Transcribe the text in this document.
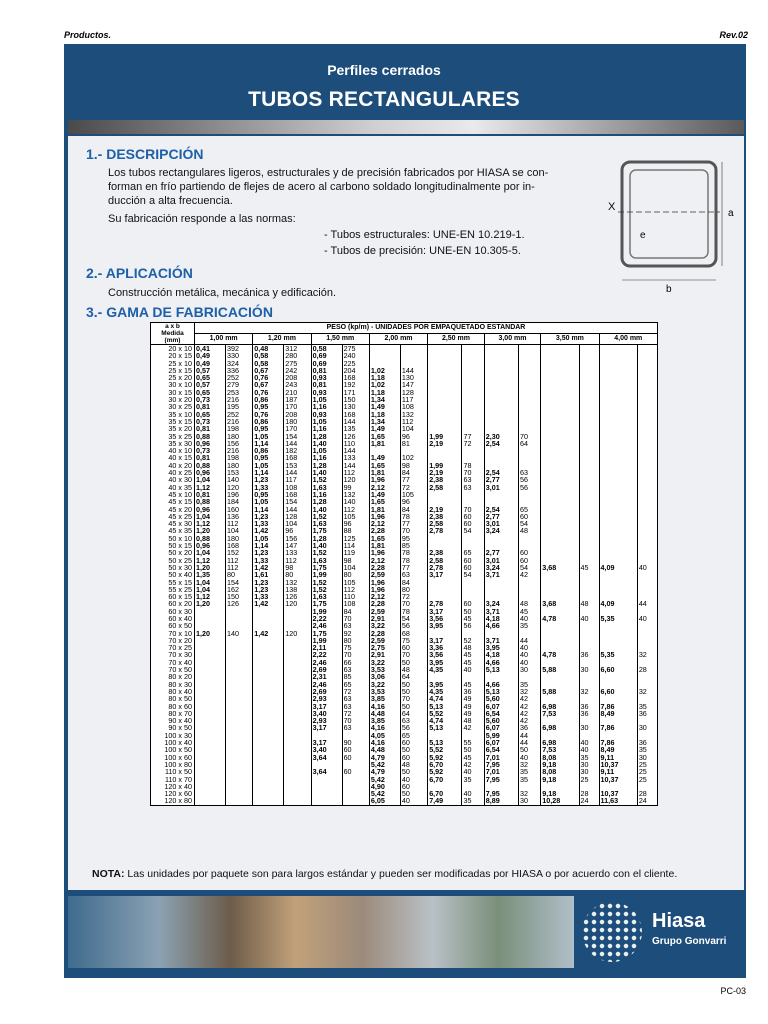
Productos.	Rev.02
Perfiles cerrados
TUBOS RECTANGULARES
1.- DESCRIPCIÓN
Los tubos rectangulares ligeros, estructurales y de precisión fabricados por HIASA se con-
forman en frío partiendo de flejes de acero al carbono soldado longitudinalmente por in-
ducción a alta frecuencia.
Su fabricación responde a las normas:
- Tubos estructurales: UNE-EN 10.219-1.
- Tubos de precisión: UNE-EN 10.305-5.
X
a
e
b
2.- APLICACIÓN
Construcción metálica, mecánica y edificación.
3.- GAMA DE FABRICACIÓN
a x b
Medida
(mm)	PESO (kp/m) - UNIDADES POR EMPAQUETADO ESTANDAR															
	1,00 mm		1,20 mm		1,50 mm		2,00 mm		2,50 mm		3,00 mm		3,50 mm		4,00 mm	
20 x 10	0,41	392	0,48	312	0,58	275										
20 x 15	0,49	330	0,58	280	0,69	240										
25 x 10	0,49	324	0,58	275	0,69	225										
25 x 15	0,57	336	0,67	242	0,81	204	1,02	144								
25 x 20	0,65	252	0,76	208	0,93	168	1,18	130								
30 x 10	0,57	279	0,67	243	0,81	192	1,02	147								
30 x 15	0,65	253	0,76	210	0,93	171	1,18	128								
30 x 20	0,73	216	0,86	187	1,05	150	1,34	117								
30 x 25	0,81	195	0,95	170	1,16	130	1,49	108								
35 x 10	0,65	252	0,76	208	0,93	168	1,18	132								
35 x 15	0,73	216	0,86	180	1,05	144	1,34	112								
35 x 20	0,81	198	0,95	170	1,16	135	1,49	104								
35 x 25	0,88	180	1,05	154	1,28	126	1,65	96	1,99	77	2,30	70				
35 x 30	0,96	156	1,14	144	1,40	110	1,81	81	2,19	72	2,54	64				
40 x 10	0,73	216	0,86	182	1,05	144										
40 x 15	0,81	198	0,95	168	1,16	133	1,49	102								
40 x 20	0,88	180	1,05	153	1,28	144	1,65	98	1,99	78						
40 x 25	0,96	153	1,14	144	1,40	112	1,81	84	2,19	70	2,54	63				
40 x 30	1,04	140	1,23	117	1,52	120	1,96	77	2,38	63	2,77	56				
40 x 35	1,12	120	1,33	108	1,63	99	2,12	72	2,58	63	3,01	56				
45 x 10	0,81	196	0,95	168	1,16	132	1,49	105								
45 x 15	0,88	184	1,05	154	1,28	140	1,65	96								
45 x 20	0,96	160	1,14	144	1,40	112	1,81	84	2,19	70	2,54	65				
45 x 25	1,04	136	1,23	128	1,52	105	1,96	78	2,38	60	2,77	60				
45 x 30	1,12	112	1,33	104	1,63	96	2,12	77	2,58	60	3,01	54				
45 x 35	1,20	104	1,42	96	1,75	88	2,28	70	2,78	54	3,24	48				
50 x 10	0,88	180	1,05	156	1,28	125	1,65	95								
50 x 15	0,96	168	1,14	147	1,40	114	1,81	85								
50 x 20	1,04	152	1,23	133	1,52	119	1,96	78	2,38	65	2,77	60				
50 x 25	1,12	112	1,33	112	1,63	98	2,12	78	2,58	60	3,01	60				
50 x 30	1,20	112	1,42	98	1,75	104	2,28	77	2,78	60	3,24	54	3,68	45	4,09	40
50 x 40	1,35	80	1,61	80	1,99	80	2,59	63	3,17	54	3,71	42				
55 x 15	1,04	154	1,23	132	1,52	105	1,96	84								
55 x 25	1,04	162	1,23	138	1,52	112	1,96	80								
60 x 15	1,12	150	1,33	126	1,63	110	2,12	72								
60 x 20	1,20	126	1,42	120	1,75	108	2,28	70	2,78	60	3,24	48	3,68	48	4,09	44
60 x 30					1,99	84	2,59	78	3,17	50	3,71	45				
60 x 40					2,22	70	2,91	54	3,56	45	4,18	40	4,78	40	5,35	40
60 x 50					2,46	63	3,22	56	3,95	56	4,66	35				
70 x 10	1,20	140	1,42	120	1,75	92	2,28	68								
70 x 20					1,99	80	2,59	75	3,17	52	3,71	44				
70 x 25					2,11	75	2,75	60	3,36	48	3,95	40				
70 x 30					2,22	70	2,91	70	3,56	45	4,18	40	4,78	36	5,35	32
70 x 40					2,46	66	3,22	50	3,95	45	4,66	40				
70 x 50					2,69	63	3,53	48	4,35	40	5,13	30	5,88	30	6,60	28
80 x 20					2,31	85	3,06	64								
80 x 30					2,46	65	3,22	50	3,95	45	4,66	35				
80 x 40					2,69	72	3,53	50	4,35	36	5,13	32	5,88	32	6,60	32
80 x 50					2,93	63	3,85	70	4,74	49	5,60	42				
80 x 60					3,17	63	4,16	50	5,13	49	6,07	42	6,98	36	7,86	35
80 x 70					3,40	72	4,48	64	5,52	49	6,54	42	7,53	36	8,49	36
90 x 40					2,93	70	3,85	63	4,74	48	5,60	42				
90 x 50					3,17	63	4,16	56	5,13	42	6,07	36	6,98	30	7,86	30
100 x 30							4,05	65			5,99	44				
100 x 40					3,17	90	4,16	60	5,13	55	6,07	44	6,98	40	7,86	36
100 x 50					3,40	60	4,48	50	5,52	50	6,54	50	7,53	40	8,49	35
100 x 60					3,64	60	4,79	60	5,92	45	7,01	40	8,08	35	9,11	30
100 x 80							5,42	48	6,70	42	7,95	32	9,18	30	10,37	25
110 x 50					3,64	60	4,79	50	5,92	40	7,01	35	8,08	30	9,11	25
110 x 70							5,42	40	6,70	35	7,95	35	9,18	25	10,37	25
120 x 40							4,90	60								
120 x 60							5,42	50	6,70	40	7,95	32	9,18	28	10,37	28
120 x 80							6,05	40	7,49	35	8,89	30	10,28	24	11,63	24
NOTA: Las unidades por paquete son para largos estándar y pueden ser modificadas por HIASA o por acuerdo con el cliente.
Hiasa
Grupo Gonvarri
PC-03
